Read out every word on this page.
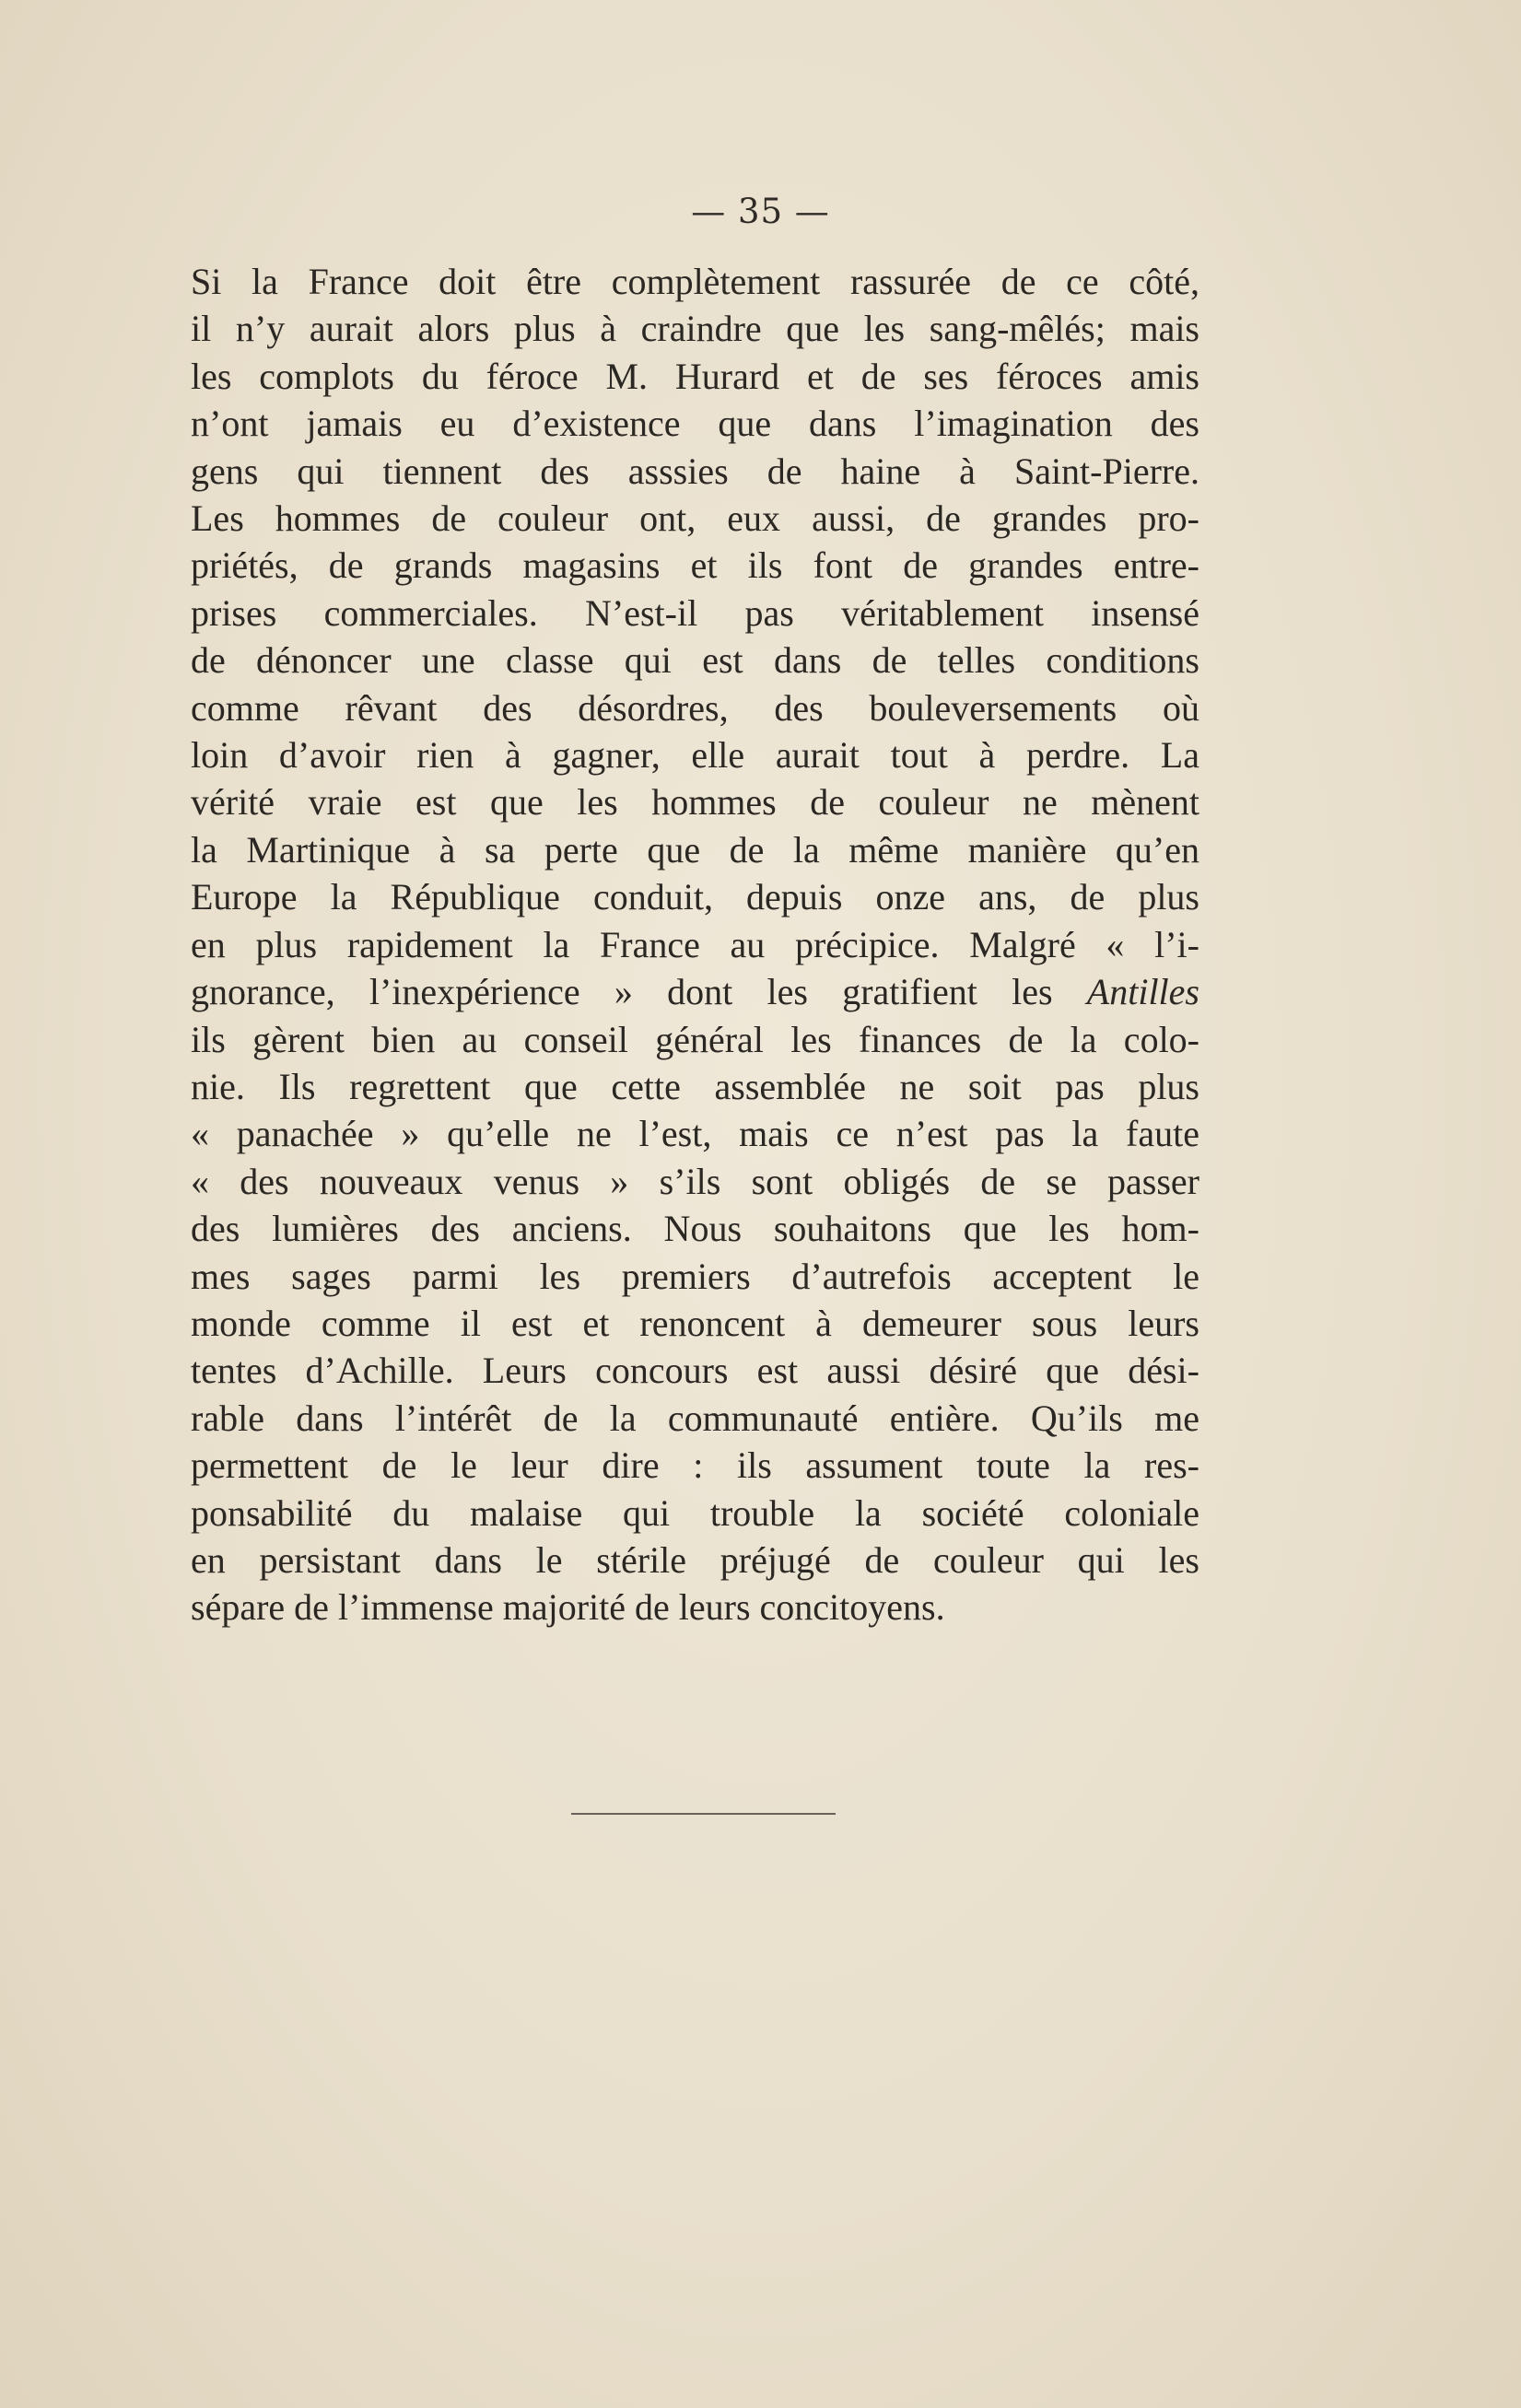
— 35 —
Si la France doit être complètement rassurée de ce côté,
il n’y aurait alors plus à craindre que les sang-mêlés; mais
les complots du féroce M. Hurard et de ses féroces amis
n’ont jamais eu d’existence que dans l’imagination des
gens qui tiennent des asssies de haine à Saint-Pierre.
Les hommes de couleur ont, eux aussi, de grandes pro-
priétés, de grands magasins et ils font de grandes entre-
prises commerciales. N’est-il pas véritablement insensé
de dénoncer une classe qui est dans de telles conditions
comme rêvant des désordres, des bouleversements où
loin d’avoir rien à gagner, elle aurait tout à perdre. La
vérité vraie est que les hommes de couleur ne mènent
la Martinique à sa perte que de la même manière qu’en
Europe la République conduit, depuis onze ans, de plus
en plus rapidement la France au précipice. Malgré « l’i-
gnorance, l’inexpérience » dont les gratifient les Antilles
ils gèrent bien au conseil général les finances de la colo-
nie. Ils regrettent que cette assemblée ne soit pas plus
« panachée » qu’elle ne l’est, mais ce n’est pas la faute
« des nouveaux venus » s’ils sont obligés de se passer
des lumières des anciens. Nous souhaitons que les hom-
mes sages parmi les premiers d’autrefois acceptent le
monde comme il est et renoncent à demeurer sous leurs
tentes d’Achille. Leurs concours est aussi désiré que dési-
rable dans l’intérêt de la communauté entière. Qu’ils me
permettent de le leur dire : ils assument toute la res-
ponsabilité du malaise qui trouble la société coloniale
en persistant dans le stérile préjugé de couleur qui les
sépare de l’immense majorité de leurs concitoyens.
